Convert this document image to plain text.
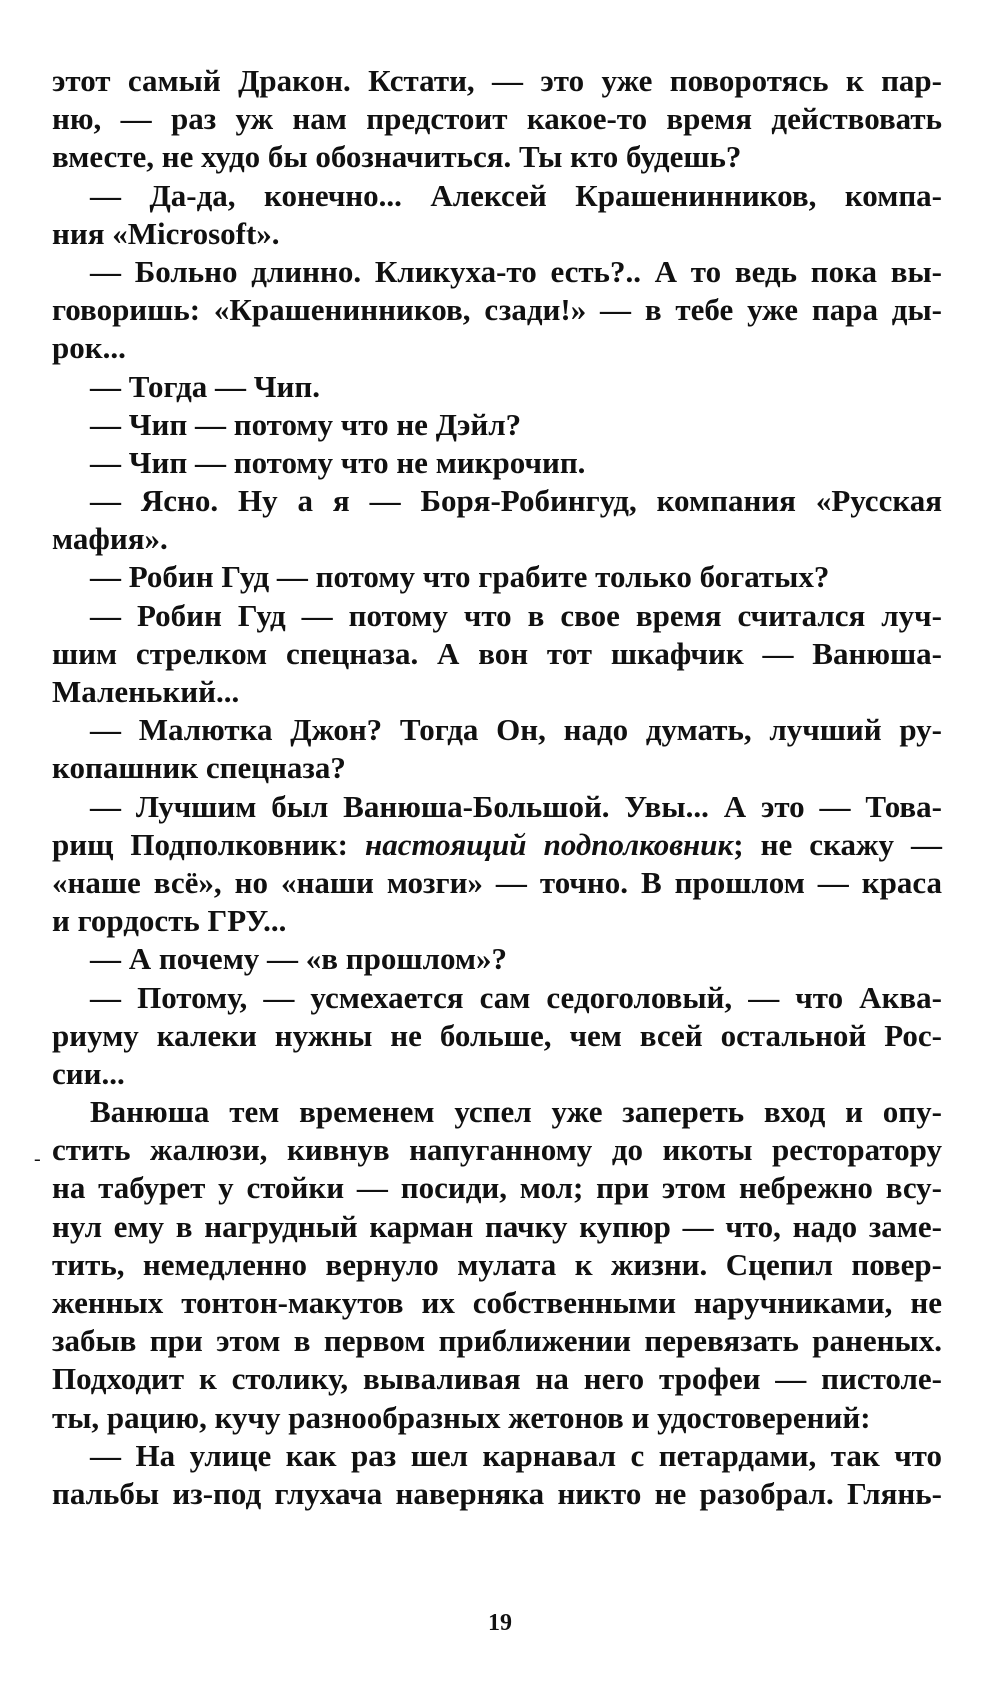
этот самый Дракон. Кстати, — это уже поворотясь к пар-
ню, — раз уж нам предстоит какое-то время действовать
вместе, не худо бы обозначиться. Ты кто будешь?
— Да-да, конечно... Алексей Крашенинников, компа-
ния «Microsoft».
— Больно длинно. Кликуха-то есть?.. А то ведь пока вы-
говоришь: «Крашенинников, сзади!» — в тебе уже пара ды-
рок...
— Тогда — Чип.
— Чип — потому что не Дэйл?
— Чип — потому что не микрочип.
— Ясно. Ну а я — Боря-Робингуд, компания «Русская
мафия».
— Робин Гуд — потому что грабите только богатых?
— Робин Гуд — потому что в свое время считался луч-
шим стрелком спецназа. А вон тот шкафчик — Ванюша-
Маленький...
— Малютка Джон? Тогда Он, надо думать, лучший ру-
копашник спецназа?
— Лучшим был Ванюша-Большой. Увы... А это — Това-
рищ Подполковник: настоящий подполковник; не скажу —
«наше всё», но «наши мозги» — точно. В прошлом — краса
и гордость ГРУ...
— А почему — «в прошлом»?
— Потому, — усмехается сам седоголовый, — что Аква-
риуму калеки нужны не больше, чем всей остальной Рос-
сии...
Ванюша тем временем успел уже запереть вход и опу-
стить жалюзи, кивнув напуганному до икоты ресторатору
на табурет у стойки — посиди, мол; при этом небрежно всу-
нул ему в нагрудный карман пачку купюр — что, надо заме-
тить, немедленно вернуло мулата к жизни. Сцепил повер-
женных тонтон-макутов их собственными наручниками, не
забыв при этом в первом приближении перевязать раненых.
Подходит к столику, вываливая на него трофеи — пистоле-
ты, рацию, кучу разнообразных жетонов и удостоверений:
— На улице как раз шел карнавал с петардами, так что
пальбы из-под глухача наверняка никто не разобрал. Глянь-
-
19
